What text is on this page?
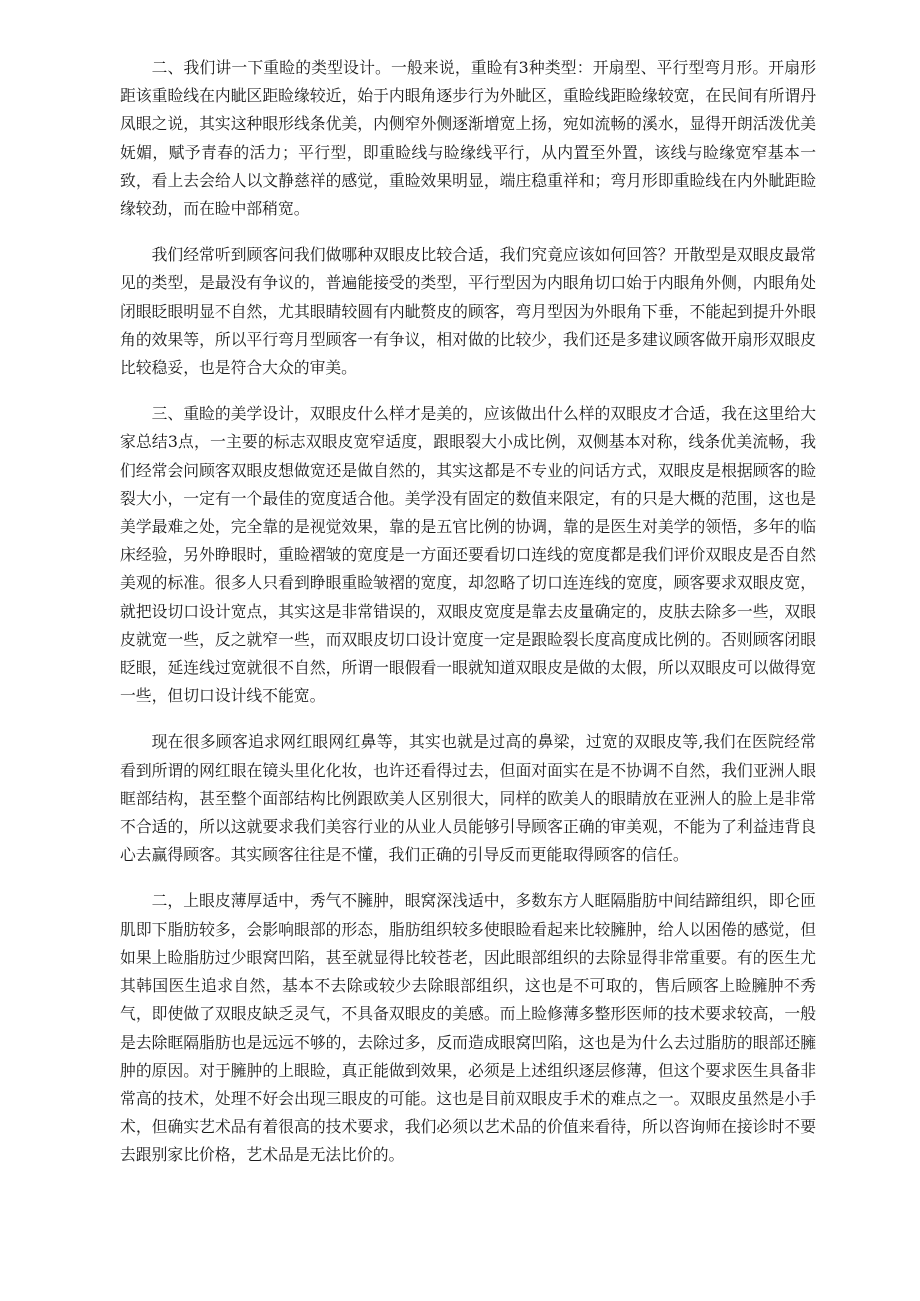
二、我们讲一下重睑的类型设计。一般来说，重睑有3种类型：开扇型、平行型弯月形。开扇形距该重睑线在内眦区距睑缘较近，始于内眼角逐步行为外眦区，重睑线距睑缘较宽，在民间有所谓丹凤眼之说，其实这种眼形线条优美，内侧窄外侧逐渐增宽上扬，宛如流畅的溪水，显得开朗活泼优美妩媚，赋予青春的活力；平行型，即重睑线与睑缘线平行，从内置至外置，该线与睑缘宽窄基本一致，看上去会给人以文静慈祥的感觉，重睑效果明显，端庄稳重祥和；弯月形即重睑线在内外眦距睑缘较劲，而在睑中部稍宽。

我们经常听到顾客问我们做哪种双眼皮比较合适，我们究竟应该如何回答？开散型是双眼皮最常见的类型，是最没有争议的，普遍能接受的类型，平行型因为内眼角切口始于内眼角外侧，内眼角处闭眼眨眼明显不自然，尤其眼睛较圆有内眦赘皮的顾客，弯月型因为外眼角下垂，不能起到提升外眼角的效果等，所以平行弯月型顾客一有争议，相对做的比较少，我们还是多建议顾客做开扇形双眼皮比较稳妥，也是符合大众的审美。

三、重睑的美学设计，双眼皮什么样才是美的，应该做出什么样的双眼皮才合适，我在这里给大家总结3点，一主要的标志双眼皮宽窄适度，跟眼裂大小成比例，双侧基本对称，线条优美流畅，我们经常会问顾客双眼皮想做宽还是做自然的，其实这都是不专业的问话方式，双眼皮是根据顾客的睑裂大小，一定有一个最佳的宽度适合他。美学没有固定的数值来限定，有的只是大概的范围，这也是美学最难之处，完全靠的是视觉效果，靠的是五官比例的协调，靠的是医生对美学的领悟，多年的临床经验，另外睁眼时，重睑褶皱的宽度是一方面还要看切口连线的宽度都是我们评价双眼皮是否自然美观的标准。很多人只看到睁眼重睑皱褶的宽度，却忽略了切口连连线的宽度，顾客要求双眼皮宽，就把设切口设计宽点，其实这是非常错误的，双眼皮宽度是靠去皮量确定的，皮肤去除多一些，双眼皮就宽一些，反之就窄一些，而双眼皮切口设计宽度一定是跟睑裂长度高度成比例的。否则顾客闭眼眨眼，延连线过宽就很不自然，所谓一眼假看一眼就知道双眼皮是做的太假，所以双眼皮可以做得宽一些，但切口设计线不能宽。

现在很多顾客追求网红眼网红鼻等，其实也就是过高的鼻梁，过宽的双眼皮等,我们在医院经常看到所谓的网红眼在镜头里化化妆，也许还看得过去，但面对面实在是不协调不自然，我们亚洲人眼眶部结构，甚至整个面部结构比例跟欧美人区别很大，同样的欧美人的眼睛放在亚洲人的脸上是非常不合适的，所以这就要求我们美容行业的从业人员能够引导顾客正确的审美观，不能为了利益违背良心去赢得顾客。其实顾客往往是不懂，我们正确的引导反而更能取得顾客的信任。

二，上眼皮薄厚适中，秀气不臃肿，眼窝深浅适中，多数东方人眶隔脂肪中间结蹄组织，即仑匝肌即下脂肪较多，会影响眼部的形态，脂肪组织较多使眼睑看起来比较臃肿，给人以困倦的感觉，但如果上睑脂肪过少眼窝凹陷，甚至就显得比较苍老，因此眼部组织的去除显得非常重要。有的医生尤其韩国医生追求自然，基本不去除或较少去除眼部组织，这也是不可取的，售后顾客上睑臃肿不秀气，即使做了双眼皮缺乏灵气，不具备双眼皮的美感。而上睑修薄多整形医师的技术要求较高，一般是去除眶隔脂肪也是远远不够的，去除过多，反而造成眼窝凹陷，这也是为什么去过脂肪的眼部还臃肿的原因。对于臃肿的上眼睑，真正能做到效果，必须是上述组织逐层修薄，但这个要求医生具备非常高的技术，处理不好会出现三眼皮的可能。这也是目前双眼皮手术的难点之一。双眼皮虽然是小手术，但确实艺术品有着很高的技术要求，我们必须以艺术品的价值来看待，所以咨询师在接诊时不要去跟别家比价格，艺术品是无法比价的。
